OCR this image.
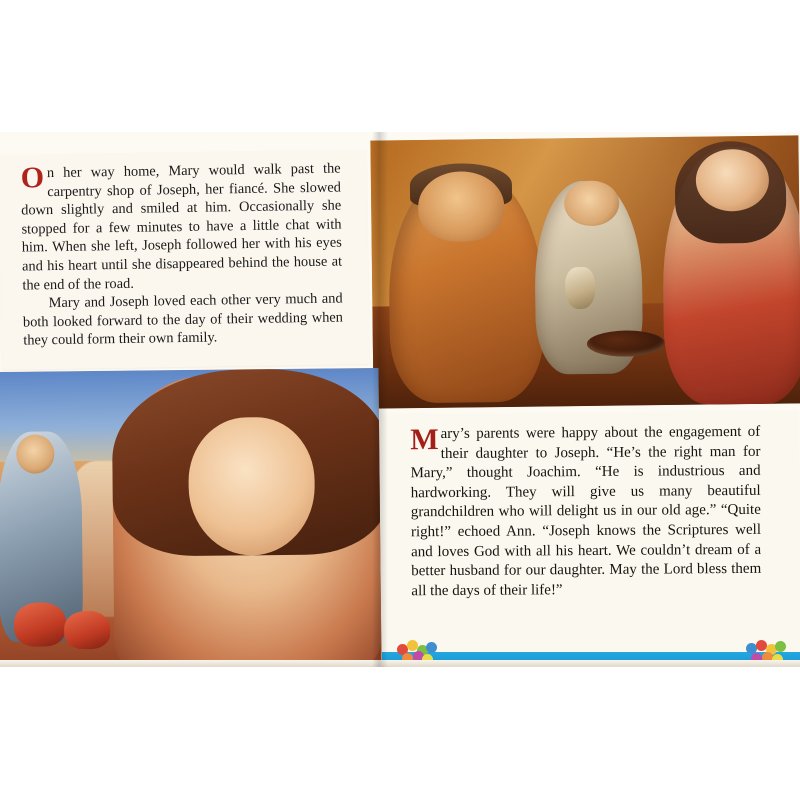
On her way home, Mary would walk past the carpentry shop of Joseph, her fiancé. She slowed down slightly and smiled at him. Occasionally she stopped for a few minutes to have a little chat with him. When she left, Joseph followed her with his eyes and his heart until she disappeared behind the house at the end of the road.

Mary and Joseph loved each other very much and both looked forward to the day of their wedding when they could form their own family.

Mary’s parents were happy about the engagement of their daughter to Joseph. “He’s the right man for Mary,” thought Joachim. “He is industrious and hardworking. They will give us many beautiful grandchildren who will delight us in our old age.” “Quite right!” echoed Ann. “Joseph knows the Scriptures well and loves God with all his heart. We couldn’t dream of a better husband for our daughter. May the Lord bless them all the days of their life!”
